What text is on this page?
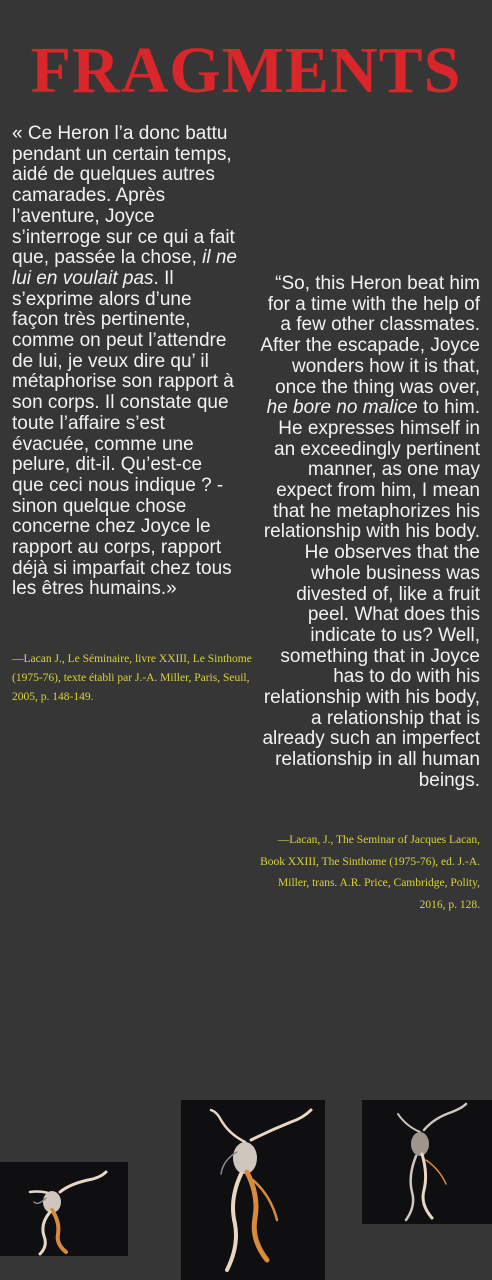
FRAGMENTS
« Ce Heron l’a donc battu pendant un certain temps, aidé de quelques autres camarades. Après l’aventure, Joyce s’interroge sur ce qui a fait que, passée la chose, il ne lui en voulait pas. Il s’exprime alors d’une façon très pertinente, comme on peut l’attendre de lui, je veux dire qu’ il métaphorise son rapport à son corps. Il constate que toute l’affaire s’est évacuée, comme une pelure, dit-il. Qu’est-ce que ceci nous indique ? -sinon quelque chose concerne chez Joyce le rapport au corps, rapport déjà si imparfait chez tous les êtres humains.»
—Lacan J., Le Séminaire, livre XXIII, Le Sinthome (1975-76), texte établi par J.-A. Miller, Paris, Seuil, 2005, p. 148-149.
“So, this Heron beat him for a time with the help of a few other classmates. After the escapade, Joyce wonders how it is that, once the thing was over, he bore no malice to him. He expresses himself in an exceedingly pertinent manner, as one may expect from him, I mean that he metaphorizes his relationship with his body. He observes that the whole business was divested of, like a fruit peel. What does this indicate to us? Well, something that in Joyce has to do with his relationship with his body, a relationship that is already such an imperfect relationship in all human beings.
—Lacan, J., The Seminar of Jacques Lacan, Book XXIII, The Sinthome (1975-76), ed. J.-A. Miller, trans. A.R. Price, Cambridge, Polity, 2016, p. 128.
